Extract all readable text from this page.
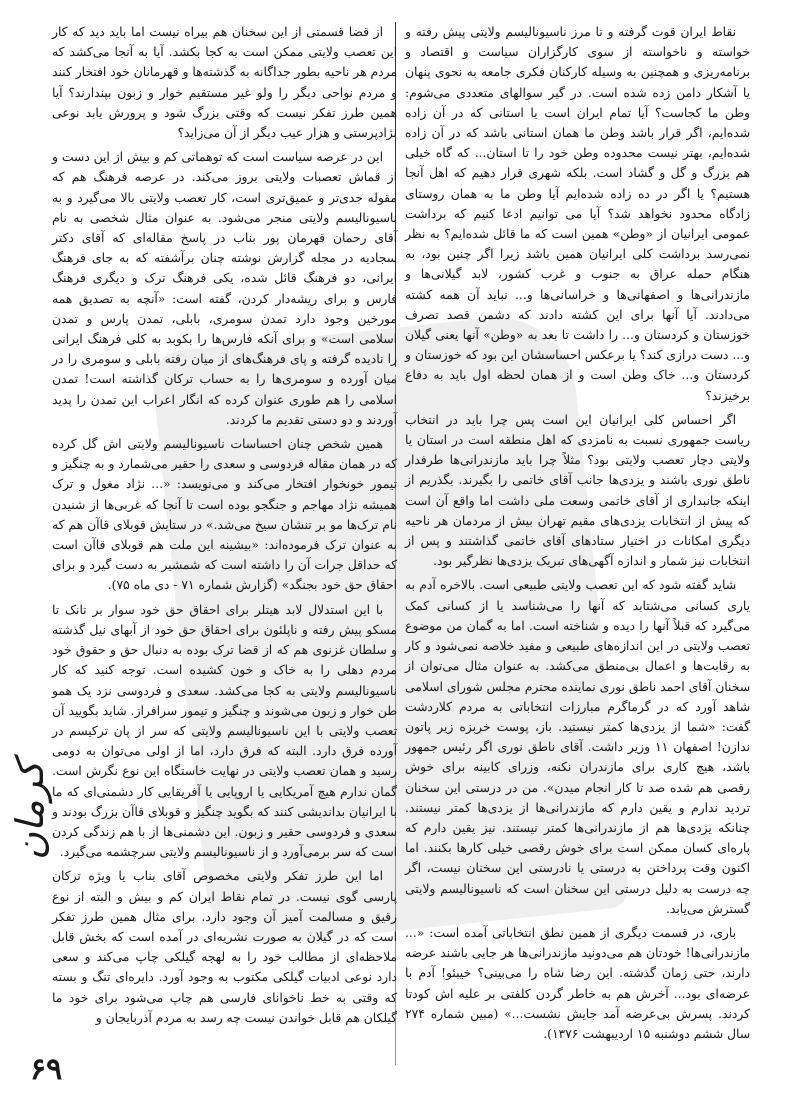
نقاط ایران قوت گرفته و تا مرز ناسیونالیسم ولایتی پیش رفته و خواسته و ناخواسته از سوی کارگزاران سیاست و اقتصاد و برنامه‌ریزی و همچنین به وسیله کارکنان فکری جامعه به نحوی پنهان یا آشکار دامن زده شده است. در گیر سوالهای متعددی می‌شوم: وطن ما کجاست؟ آیا تمام ایران است یا استانی که در آن زاده شده‌ایم، اگر قرار باشد وطن ما همان استانی باشد که در آن زاده شده‌ایم، بهتر نیست محدوده وطن خود را تا استان... که گاه خیلی هم بزرگ و گل و گشاد است. بلکه شهری قرار دهیم که اهل آنجا هستیم؟ یا اگر در ده زاده شده‌ایم آیا وطن ما به همان روستای زادگاه محدود نخواهد شد؟ آیا می توانیم ادعا کنیم که برداشت عمومی ایرانیان از «وطن» همین است که ما قائل شده‌ایم؟ به نظر نمی‌رسد برداشت کلی ایرانیان همین باشد زیرا اگر چنین بود، به هنگام حمله عراق به جنوب و غرب کشور، لابد گیلانی‌ها و مازندرانی‌ها و اصفهانی‌ها و خراسانی‌ها و... نباید آن همه کشته می‌دادند. آیا آنها برای این کشته دادند که دشمن قصد تصرف خوزستان و کردستان و... را داشت تا بعد به «وطن» آنها یعنی گیلان و... دست درازی کند؟ یا برعکس احساسشان این بود که خوزستان و کردستان و... خاک وطن است و از همان لحظه اول باید به دفاع برخیزند؟

اگر احساس کلی ایرانیان این است پس چرا باید در انتخاب ریاست جمهوری نسبت به نامزدی که اهل منطقه است در استان یا ولایتی دچار تعصب ولایتی بود؟ مثلاً چرا باید مازندرانی‌ها طرفدار ناطق نوری باشند و یزدی‌ها جانب آقای خاتمی را بگیرند. بگذریم از اینکه جانبداری از آقای خاتمی وسعت ملی داشت اما واقع آن است که پیش از انتخابات یزدی‌های مقیم تهران بیش از مردمان هر ناحیه دیگری امکانات در اختیار ستادهای آقای خاتمی گذاشتند و پس از انتخابات نیز شمار و اندازه آگهی‌های تبریک یزدی‌ها نظرگیر بود.

شاید گفته شود که این تعصب ولایتی طبیعی است. بالاخره آدم به یاری کسانی می‌شتابد که آنها را می‌شناسد یا از کسانی کمک می‌گیرد که قبلاً آنها را دیده و شناخته است. اما به گمان من موضوع تعصب ولایتی در این اندازه‌های طبیعی و مفید خلاصه نمی‌شود و کار به رقابت‌ها و اعمال بی‌منطق می‌کشد. به عنوان مثال می‌توان از سخنان آقای احمد ناطق نوری نماینده محترم مجلس شورای اسلامی شاهد آورد که در گرماگرم مبارزات انتخاباتی به مردم کلاردشت گفت: «شما از یزدی‌ها کمتر نیستید. باز، پوست خربزه زیر پاتون ندازن! اصفهان ۱۱ وزیر داشت. آقای ناطق نوری اگر رئیس جمهور باشد، هیچ کاری برای مازندران نکنه، وزرای کابینه برای خوش رقصی هم شده صد تا کار انجام میدن». من در درستی این سخنان تردید ندارم و یقین دارم که مازندرانی‌ها از یزدی‌ها کمتر نیستند. چنانکه یزدی‌ها هم از مازندرانی‌ها کمتر نیستند. نیز یقین دارم که پاره‌ای کسان ممکن است برای خوش رقصی خیلی کارها بکنند. اما اکنون وقت پرداختن به درستی یا نادرستی این سخنان نیست، اگر چه درست به دلیل درستی این سخنان است که ناسیونالیسم ولایتی گسترش می‌یابد.

باری، در قسمت دیگری از همین نطق انتخاباتی آمده است: «... مازندرانی‌ها! خودتان هم می‌دونید مازندرانی‌ها هر جایی باشند عرضه دارند، حتی زمان گذشته. این رضا شاه را می‌بینی؟ خیبئو! آدم با عرضه‌ای بود... آخرش هم به خاطر گردن کلفتی بر علیه اش کودتا کردند. پسرش بی‌عرضه آمد جایش نشست...» (مبین شماره ۲۷۴ سال ششم دوشنبه ۱۵ اردیبهشت ۱۳۷۶).

از قضا قسمتی از این سخنان هم بیراه نیست اما باید دید که کار این تعصب ولایتی ممکن است به کجا بکشد. آیا به آنجا می‌کشد که مردم هر ناحیه بطور جداگانه به گذشته‌ها و قهرمانان خود افتخار کنند و مردم نواحی دیگر را ولو غیر مستقیم خوار و زبون بپندارند؟ آیا همین طرز تفکر نیست که وقتی بزرگ شود و پرورش یابد نوعی نژادپرستی و هزار عیب دیگر از آن می‌زاید؟

این در عرصه سیاست است که توهماتی کم و بیش از این دست و از قماش تعصبات ولایتی بروز می‌کند. در عرصه فرهنگ هم که مقوله جدی‌تر و عمیق‌تری است، کار تعصب ولایتی بالا می‌گیرد و به ناسیونالیسم ولایتی منجر می‌شود. به عنوان مثال شخصی به نام آقای رحمان قهرمان پور بناب در پاسخ مقاله‌ای که آقای دکتر سجادیه در مجله گزارش نوشته چنان برآشفته که به جای فرهنگ ایرانی، دو فرهنگ قائل شده، یکی فرهنگ ترک و دیگری فرهنگ فارس و برای ریشه‌دار کردن، گفته است: «آنچه به تصدیق همه مورخین وجود دارد تمدن سومری، بابلی، تمدن پارس و تمدن اسلامی است» و برای آنکه فارس‌ها را بکوبد به کلی فرهنگ ایرانی را نادیده گرفته و پای فرهنگ‌های از میان رفته بابلی و سومری را در میان آورده و سومری‌ها را به حساب ترکان گذاشته است! تمدن اسلامی را هم طوری عنوان کرده که انگار اعراب این تمدن را پدید آوردند و دو دستی تقدیم ما کردند.

همین شخص چنان احساسات ناسیونالیسم ولایتی اش گل کرده که در همان مقاله فردوسی و سعدی را حقیر می‌شمارد و به چنگیز و تیمور خونخوار افتخار می‌کند و می‌نویسد: «... نژاد مغول و ترک همیشه نژاد مهاجم و جنگجو بوده است تا آنجا که غربی‌ها از شنیدن نام ترک‌ها مو بر تنشان سیخ می‌شد.» در ستایش قوبلای قاآن هم که به عنوان ترک فرموده‌اند: «بیشینه این ملت هم قوبلای قاآن است که حداقل جرات آن را داشته است که شمشیر به دست گیرد و برای احقاق حق خود بجنگد» (گزارش شماره ۷۱ - دی ماه ۷۵).

با این استدلال لابد هیتلر برای احقاق حق خود سوار بر تانک تا مسکو پیش رفته و ناپلئون برای احقاق حق خود از آبهای نیل گذشته و سلطان غزنوی هم که از قضا ترک بوده به دنبال حق و حقوق خود مردم دهلی را به خاک و خون کشیده است. توجه کنید که کار ناسیونالیسم ولایتی به کجا می‌کشد. سعدی و فردوسی نزد یک همو طن خوار و زبون می‌شوند و چنگیز و تیمور سرافراز. شاید بگویید آن تعصب ولایتی با این ناسیونالیسم ولایتی که سر از پان ترکیسم در آورده فرق دارد. البته که فرق دارد، اما از اولی می‌توان به دومی رسید و همان تعصب ولایتی در نهایت خاستگاه این نوع نگرش است. گمان ندارم هیچ آمریکایی یا اروپایی یا آفریقایی کار دشمنی‌ای که ما با ایرانیان بداندیشی کنند که بگوید چنگیز و قوبلای قاآن بزرگ بودند و سعدی و فردوسی حقیر و زبون. این دشمنی‌ها از با هم زندگی کردن است که سر برمی‌آورد و از ناسیونالیسم ولایتی سرچشمه می‌گیرد.

اما این طرز تفکر ولایتی مخصوص آقای بناب یا ویژه ترکان پارسی گوی نیست. در تمام نقاط ایران کم و بیش و البته از نوع رقیق و مسالمت آمیز آن وجود دارد. برای مثال همین طرز تفکر است که در گیلان به صورت نشریه‌ای در آمده است که بخش قابل ملاحظه‌ای از مطالب خود را به لهجه گیلکی چاپ می‌کند و سعی دارد نوعی ادبیات گیلکی مکتوب به وجود آورد. دایره‌ای تنگ و بسته که وقتی به خط ناخوانای فارسی هم چاپ می‌شود برای خود ما گیلکان هم قابل خواندن نیست چه رسد به مردم آذربایجان و

کرمان
۶۹
